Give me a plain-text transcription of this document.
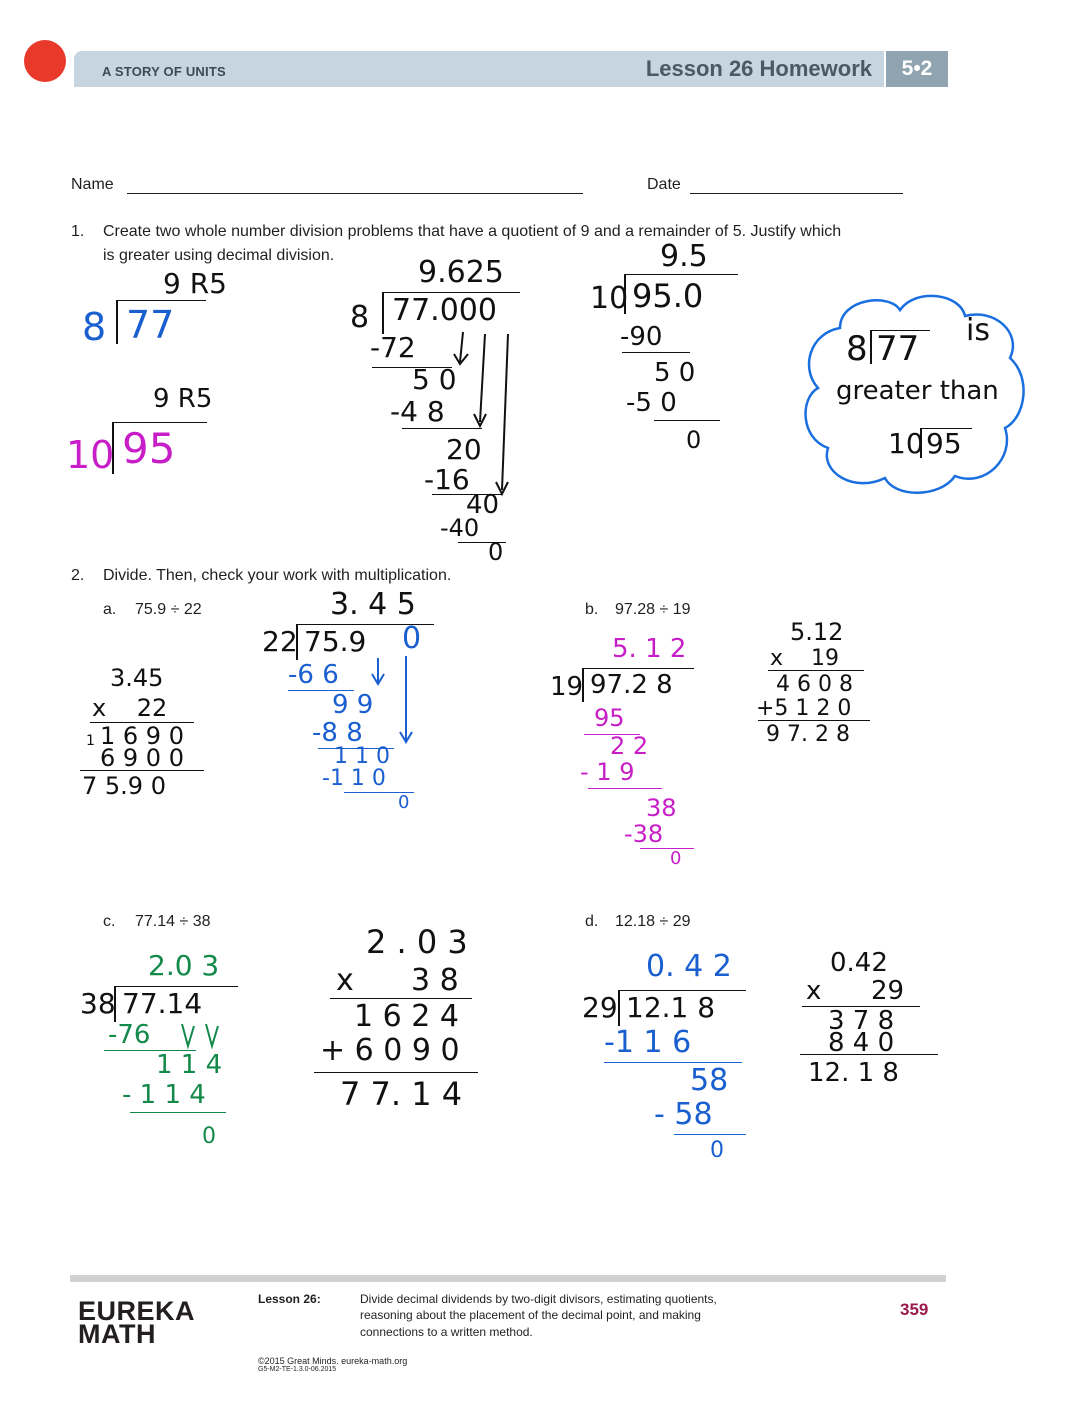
A STORY OF UNITS	Lesson 26 Homework	5•2
Name	Date
1. Create two whole number division problems that have a quotient of 9 and a remainder of 5. Justify which
is greater using decimal division.
9 R5
8 77
9 R5
10 95
9.625
8 77.000
-72
5 0
-4 8
20
-16
40
-40
0
9.5
10 95.0
-90
5 0
-5 0
0
8 77 is
greater than
10 95
2. Divide. Then, check your work with multiplication.
a. 75.9 ÷ 22
3.45
x    22
1 1 6 9 0
6 9 0 0
7 5.9 0
3. 4 5
22 75.9 0
-6 6
9 9
-8 8
1 1 0
-1 1 0
0
b. 97.28 ÷ 19
5. 1 2
19 97.2 8
95
2 2
- 1 9
38
-38
0
5.12
x    19
4 6 0 8
+5 1 2 0
9 7. 2 8
c. 77.14 ÷ 38
2.0 3
38 77.14
-76
1 1 4
- 1 1 4
0
2 . 0 3
x      3 8
1 6 2 4
+ 6 0 9 0
7 7. 1 4
d. 12.18 ÷ 29
0. 4 2
29 12.1 8
-1 1 6
58
- 58
0
0.42
x      29
3 7 8
8 4 0
12. 1 8
EUREKA
MATH
Lesson 26:	Divide decimal dividends by two-digit divisors, estimating quotients,
reasoning about the placement of the decimal point, and making
connections to a written method.
359
©2015 Great Minds. eureka-math.org
G5-M2-TE-1.3.0-06.2015
